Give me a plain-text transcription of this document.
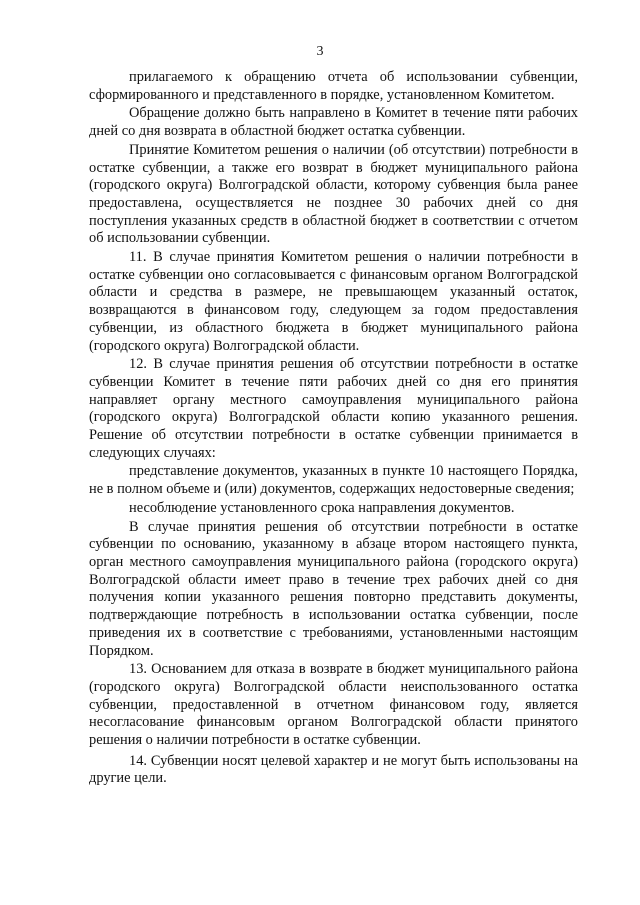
3

прилагаемого к обращению отчета об использовании субвенции, сформированного и представленного в порядке, установленном Комитетом.

Обращение должно быть направлено в Комитет в течение пяти рабочих дней со дня возврата в областной бюджет остатка субвенции.

Принятие Комитетом решения о наличии (об отсутствии) потребности в остатке субвенции, а также его возврат в бюджет муниципального района (городского округа) Волгоградской области, которому субвенция была ранее предоставлена, осуществляется не позднее 30 рабочих дней со дня поступления указанных средств в областной бюджет в соответствии с отчетом об использовании субвенции.

11. В случае принятия Комитетом решения о наличии потребности в остатке субвенции оно согласовывается с финансовым органом Волгоградской области и средства в размере, не превышающем указанный остаток, возвращаются в финансовом году, следующем за годом предоставления субвенции, из областного бюджета в бюджет муниципального района (городского округа) Волгоградской области.

12. В случае принятия решения об отсутствии потребности в остатке субвенции Комитет в течение пяти рабочих дней со дня его принятия направляет органу местного самоуправления муниципального района (городского округа) Волгоградской области копию указанного решения. Решение об отсутствии потребности в остатке субвенции принимается в следующих случаях:

представление документов, указанных в пункте 10 настоящего Порядка, не в полном объеме и (или) документов, содержащих недостоверные сведения;

несоблюдение установленного срока направления документов.

В случае принятия решения об отсутствии потребности в остатке субвенции по основанию, указанному в абзаце втором настоящего пункта, орган местного самоуправления муниципального района (городского округа) Волгоградской области имеет право в течение трех рабочих дней со дня получения копии указанного решения повторно представить документы, подтверждающие потребность в использовании остатка субвенции, после приведения их в соответствие с требованиями, установленными настоящим Порядком.

13. Основанием для отказа в возврате в бюджет муниципального района (городского округа) Волгоградской области неиспользованного остатка субвенции, предоставленной в отчетном финансовом году, является несогласование финансовым органом Волгоградской области принятого решения о наличии потребности в остатке субвенции.

14. Субвенции носят целевой характер и не могут быть использованы на другие цели.
